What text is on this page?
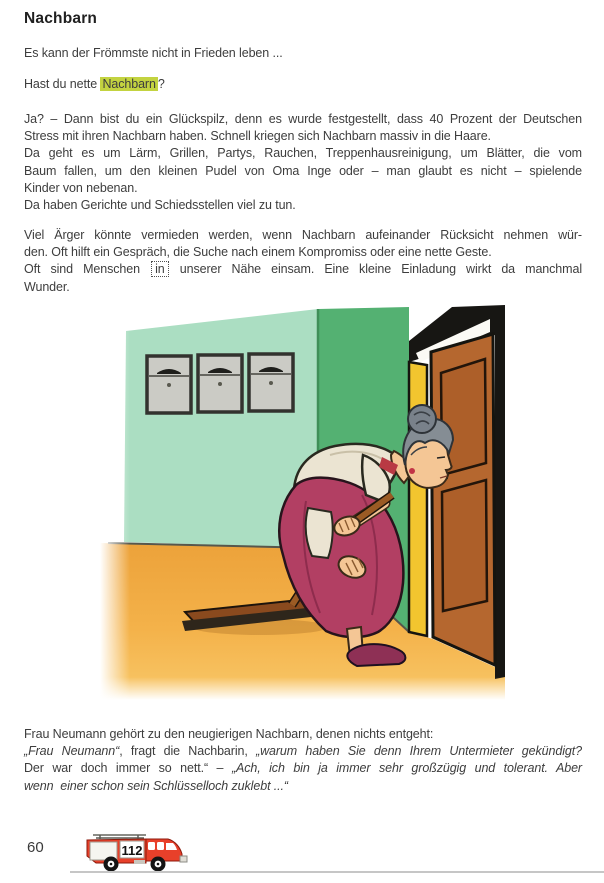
Nachbarn
Es kann der Frömmste nicht in Frieden leben ...
Hast du nette Nachbarn ?
Ja? – Dann bist du ein Glückspilz, denn es wurde festgestellt, dass 40 Prozent der Deutschen
Stress mit ihren Nachbarn haben. Schnell kriegen sich Nachbarn massiv in die Haare.
Da geht es um Lärm, Grillen, Partys, Rauchen, Treppenhausreinigung, um Blätter, die vom
Baum fallen, um den kleinen Pudel von Oma Inge oder – man glaubt es nicht – spielende
Kinder von nebenan.
Da haben Gerichte und Schiedsstellen viel zu tun.
Viel Ärger könnte vermieden werden, wenn Nachbarn aufeinander Rücksicht nehmen wür-
den. Oft hilft ein Gespräch, die Suche nach einem Kompromiss oder eine nette Geste.
Oft sind Menschen in unserer Nähe einsam. Eine kleine Einladung wirkt da manchmal
Wunder.
Frau Neumann gehört zu den neugierigen Nachbarn, denen nichts entgeht:
„Frau Neumann“, fragt die Nachbarin, „warum haben Sie denn Ihrem Untermieter gekündigt?
Der war doch immer so nett.“ – „Ach, ich bin ja immer sehr großzügig und tolerant. Aber
wenn  einer schon sein Schlüsselloch zuklebt ...“
60	112
